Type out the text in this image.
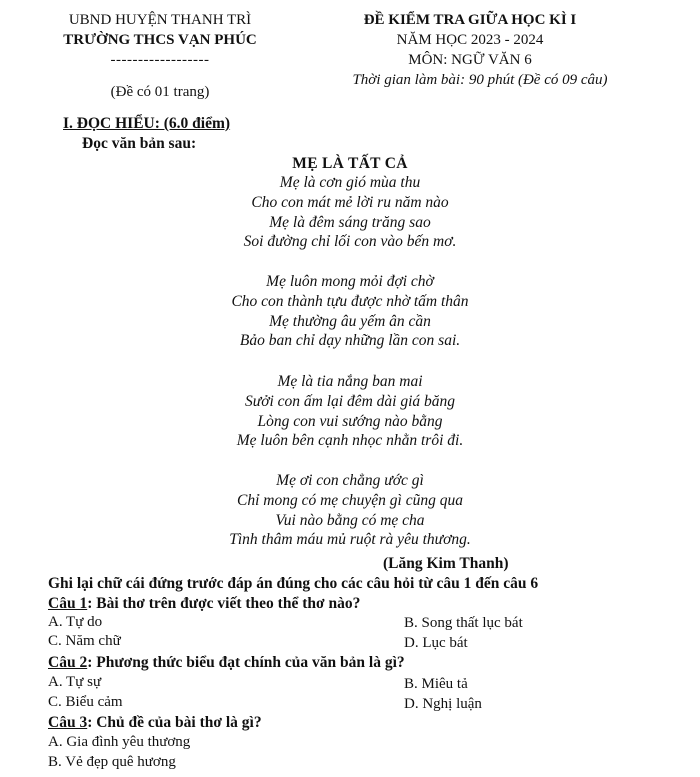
UBND HUYỆN THANH TRÌ
TRƯỜNG THCS VẠN PHÚC
------------------
(Đề có 01 trang)
ĐỀ KIỂM TRA GIỮA HỌC KÌ I
NĂM HỌC 2023 - 2024
MÔN: NGỮ VĂN 6
Thời gian làm bài: 90 phút (Đề có 09 câu)
I. ĐỌC HIỂU: (6.0 điểm)
Đọc văn bản sau:
MẸ LÀ TẤT CẢ
Mẹ là cơn gió mùa thu
Cho con mát mẻ lời ru năm nào
Mẹ là đêm sáng trăng sao
Soi đường chỉ lối con vào bến mơ.
Mẹ luôn mong mỏi đợi chờ
Cho con thành tựu được nhờ tấm thân
Mẹ thường âu yếm ân cần
Bảo ban chỉ dạy những lần con sai.
Mẹ là tia nắng ban mai
Sưởi con ấm lại đêm dài giá băng
Lòng con vui sướng nào bằng
Mẹ luôn bên cạnh nhọc nhằn trôi đi.
Mẹ ơi con chẳng ước gì
Chỉ mong có mẹ chuyện gì cũng qua
Vui nào bằng có mẹ cha
Tình thâm máu mủ ruột rà yêu thương.
(Lăng Kim Thanh)
Ghi lại chữ cái đứng trước đáp án đúng cho các câu hỏi từ câu 1 đến câu 6
Câu 1: Bài thơ trên được viết theo thể thơ nào?
A. Tự do	B. Song thất lục bát
C. Năm chữ	D. Lục bát
Câu 2: Phương thức biểu đạt chính của văn bản là gì?
A. Tự sự	B. Miêu tả
C. Biểu cảm	D. Nghị luận
Câu 3: Chủ đề của bài thơ là gì?
A. Gia đình yêu thương
B. Vẻ đẹp quê hương
